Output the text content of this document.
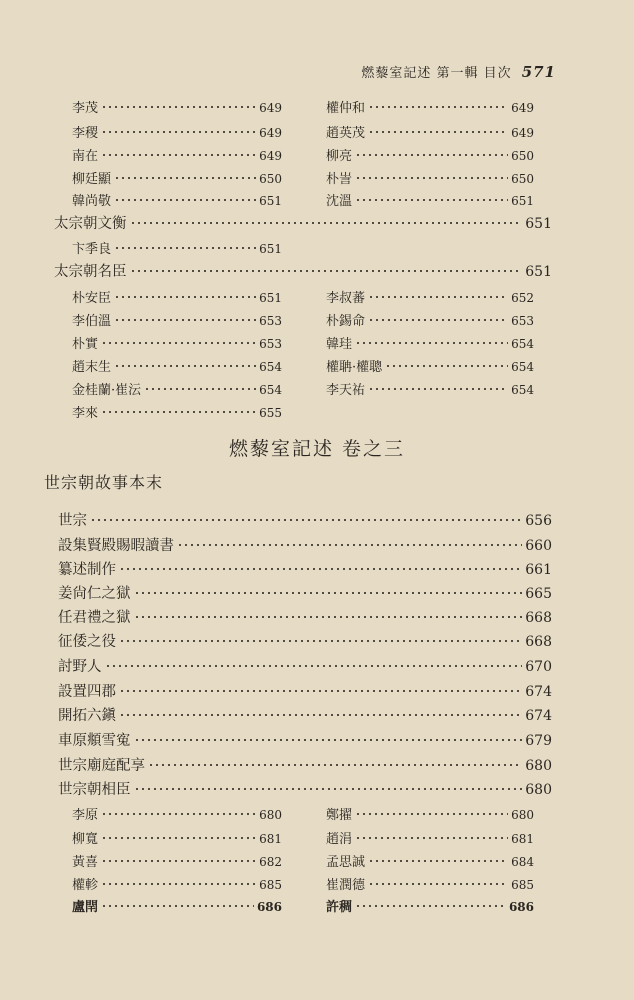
燃藜室記述 第一輯 目次 571
李茂	649
李稷	649
南在	649
柳廷顯	650
韓尚敬	651
權仲和	649
趙英茂	649
柳亮	650
朴訔	650
沈溫	651
太宗朝文衡	651
卞季良	651
太宗朝名臣	651
朴安臣	651
李伯溫	653
朴實	653
趙末生	654
金桂蘭·崔沄	654
李來	655
李叔蕃	652
朴錫命	653
韓珪	654
權聃·權聰	654
李天祐	654
燃藜室記述 卷之三
世宗朝故事本末
世宗	656
設集賢殿賜暇讀書	660
纂述制作	661
姜尙仁之獄	665
任君禮之獄	668
征倭之役	668
討野人	670
設置四郡	674
開拓六鎭	674
車原頫雪寃	679
世宗廟庭配享	680
世宗朝相臣	680
李原	680
柳寬	681
黃喜	682
權軫	685
盧閈	686
鄭擢	680
趙涓	681
孟思誠	684
崔潤德	685
許稠	686
